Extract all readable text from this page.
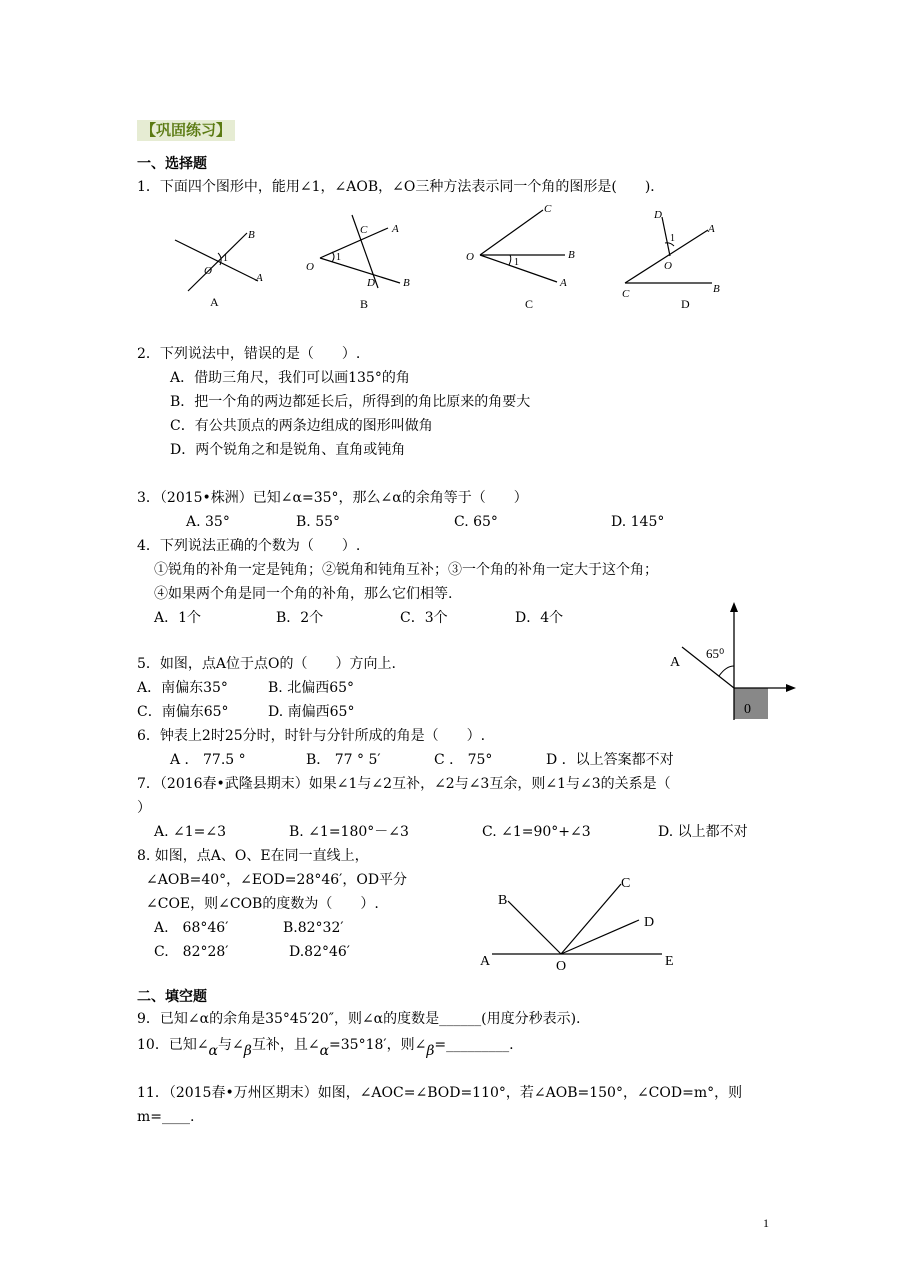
【巩固练习】
一、选择题
1．下面四个图形中，能用∠1，∠AOB，∠O三种方法表示同一个角的图形是(　　)．
B
1
O
A
A
C A
O
1
D	B
B
C
O	1
B
A
C
D
1
A
O
C	B
D
2．下列说法中，错误的是（　　）.
A．借助三角尺，我们可以画135°的角
B．把一个角的两边都延长后，所得到的角比原来的角要大
C．有公共顶点的两条边组成的图形叫做角
D．两个锐角之和是锐角、直角或钝角
3．（2015•株洲）已知∠α=35°，那么∠α的余角等于（　　）
A. 35°	B. 55°	C. 65°	D. 145°
4．下列说法正确的个数为（　　）.
①锐角的补角一定是钝角；②锐角和钝角互补；③一个角的补角一定大于这个角；
④如果两个角是同一个角的补角，那么它们相等.
A．1个	B．2个	C．3个	D．4个
A
65⁰
0
5．如图，点A位于点O的（　　）方向上.
A．南偏东35°	B. 北偏西65°
C．南偏东65°	D. 南偏西65°
6．钟表上2时25分时，时针与分针所成的角是（　　）.
A ． 77.5 °	B． 77 ° 5′	C ． 75°	D ．以上答案都不对
7．（2016春•武隆县期末）如果∠1与∠2互补，∠2与∠3互余，则∠1与∠3的关系是（
）
A. ∠1=∠3	B. ∠1=180°－∠3	C. ∠1=90°+∠3	D. 以上都不对
8. 如图，点A、O、E在同一直线上，
∠AOB=40°，∠EOD=28°46′，OD平分
∠COE，则∠COB的度数为（　　）.
A.　68°46′	B.82°32′
C.　82°28′	D.82°46′
B
C
D
A	O	E
二、填空题
9．已知∠α的余角是35°45′20″，则∠α的度数是______(用度分秒表示).
10．已知∠α与∠β互补，且∠α=35°18′，则∠β=_________.
11．（2015春•万州区期末）如图，∠AOC=∠BOD=110°，若∠AOB=150°，∠COD=m°，则
m=____.
1
